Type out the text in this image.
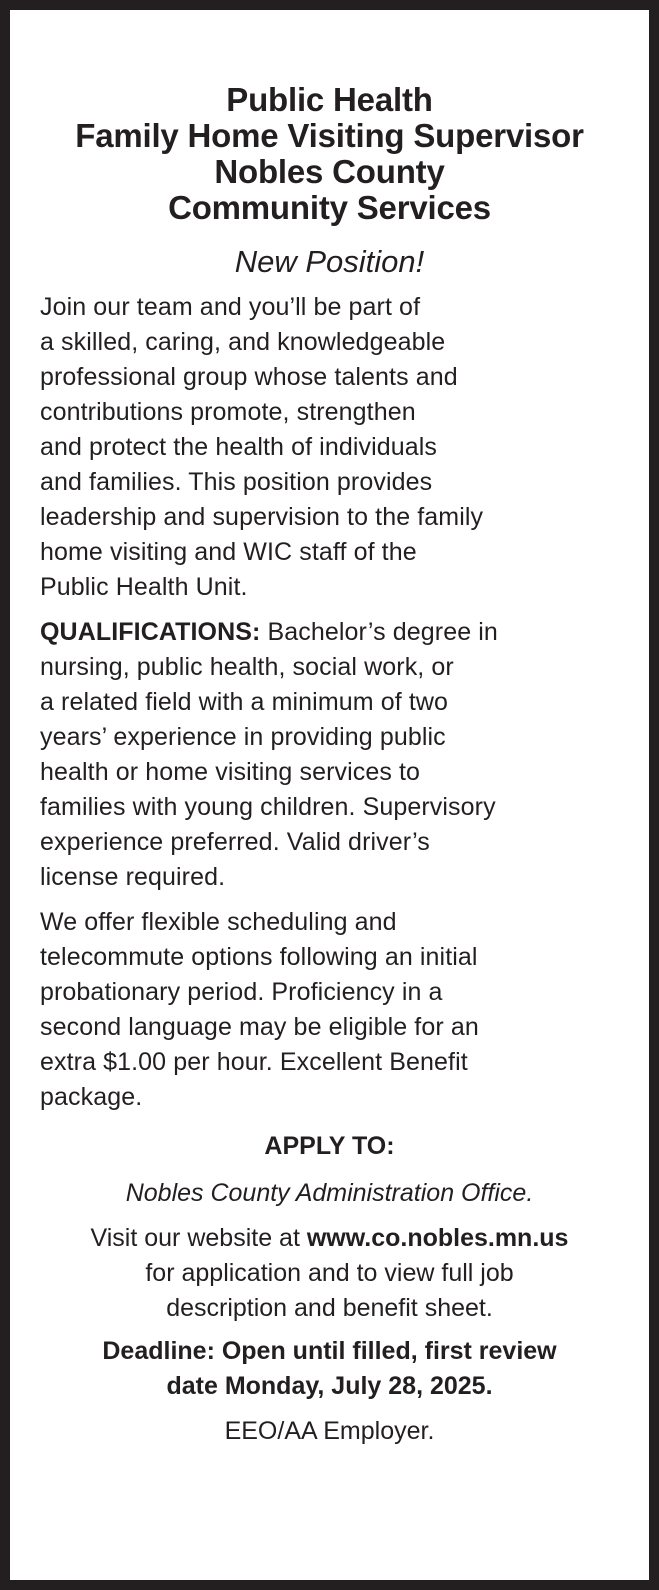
Public Health
Family Home Visiting Supervisor
Nobles County
Community Services

New Position!

Join our team and you’ll be part of
a skilled, caring, and knowledgeable
professional group whose talents and
contributions promote, strengthen
and protect the health of individuals
and families. This position provides
leadership and supervision to the family
home visiting and WIC staff of the
Public Health Unit.

QUALIFICATIONS: Bachelor’s degree in
nursing, public health, social work, or
a related field with a minimum of two
years’ experience in providing public
health or home visiting services to
families with young children. Supervisory
experience preferred. Valid driver’s
license required.

We offer flexible scheduling and
telecommute options following an initial
probationary period. Proficiency in a
second language may be eligible for an
extra $1.00 per hour. Excellent Benefit
package.

APPLY TO:

Nobles County Administration Office.

Visit our website at www.co.nobles.mn.us
for application and to view full job
description and benefit sheet.

Deadline: Open until filled, first review
date Monday, July 28, 2025.

EEO/AA Employer.
